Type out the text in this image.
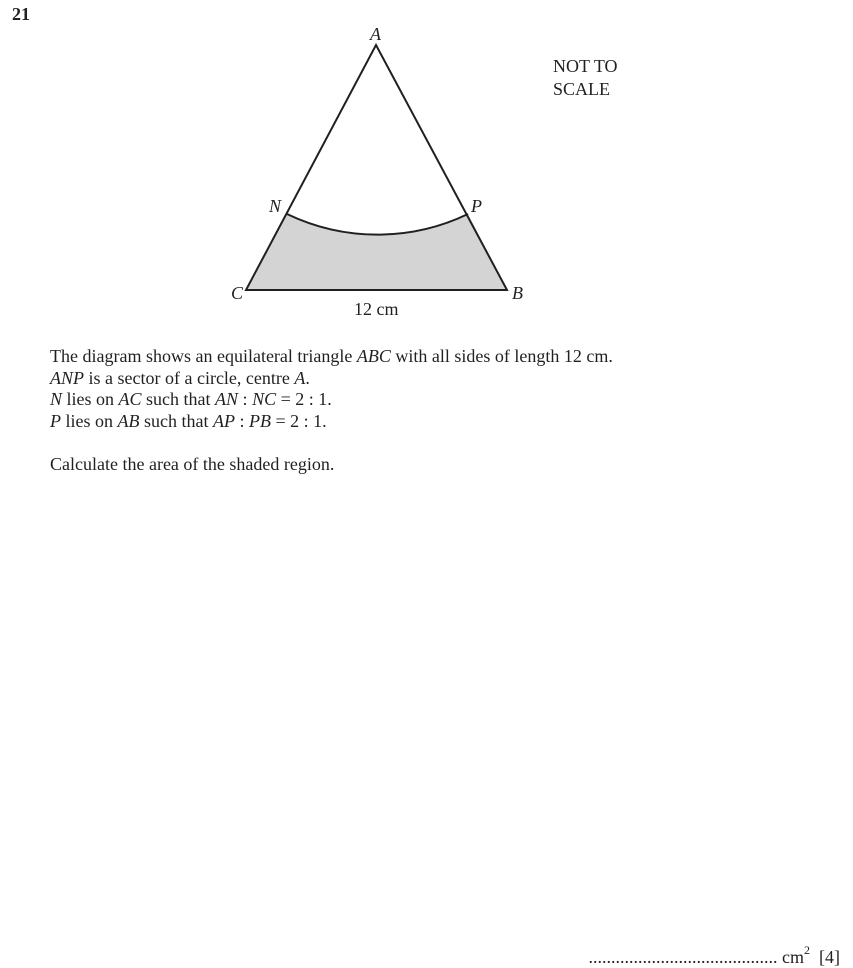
21
A
N	P
C	B
12 cm
NOT TO
SCALE

The diagram shows an equilateral triangle ABC with all sides of length 12 cm.

ANP is a sector of a circle, centre A.

N lies on AC such that AN : NC = 2 : 1.

P lies on AB such that AP : PB = 2 : 1.

Calculate the area of the shaded region.

.......................................... $cm^2$ [4]
